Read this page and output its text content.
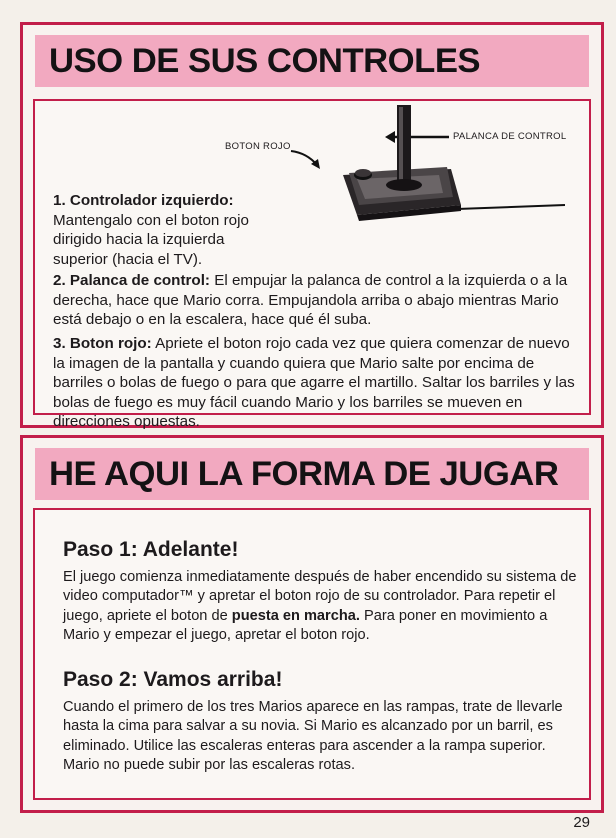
USO DE SUS CONTROLES
BOTON ROJO
PALANCA DE CONTROL

1. Controlador izquierdo:
Mantengalo con el boton rojo dirigido hacia la izquierda superior (hacia el TV).

2. Palanca de control: El empujar la palanca de control a la izquierda o a la derecha, hace que Mario corra. Empujandola arriba o abajo mientras Mario está debajo o en la escalera, hace qué él suba.

3. Boton rojo: Apriete el boton rojo cada vez que quiera comenzar de nuevo la imagen de la pantalla y cuando quiera que Mario salte por encima de barriles o bolas de fuego o para que agarre el martillo. Saltar los barriles y las bolas de fuego es muy fácil cuando Mario y los barriles se mueven en direcciones opuestas.

HE AQUI LA FORMA DE JUGAR
Paso 1: Adelante!

El juego comienza inmediatamente después de haber encendido su sistema de video computador™ y apretar el boton rojo de su controlador. Para repetir el juego, apriete el boton de puesta en marcha. Para poner en movimiento a Mario y empezar el juego, apretar el boton rojo.

Paso 2: Vamos arriba!

Cuando el primero de los tres Marios aparece en las rampas, trate de llevarle hasta la cima para salvar a su novia. Si Mario es alcanzado por un barril, es eliminado. Utilice las escaleras enteras para ascender a la rampa superior. Mario no puede subir por las escaleras rotas.

29
